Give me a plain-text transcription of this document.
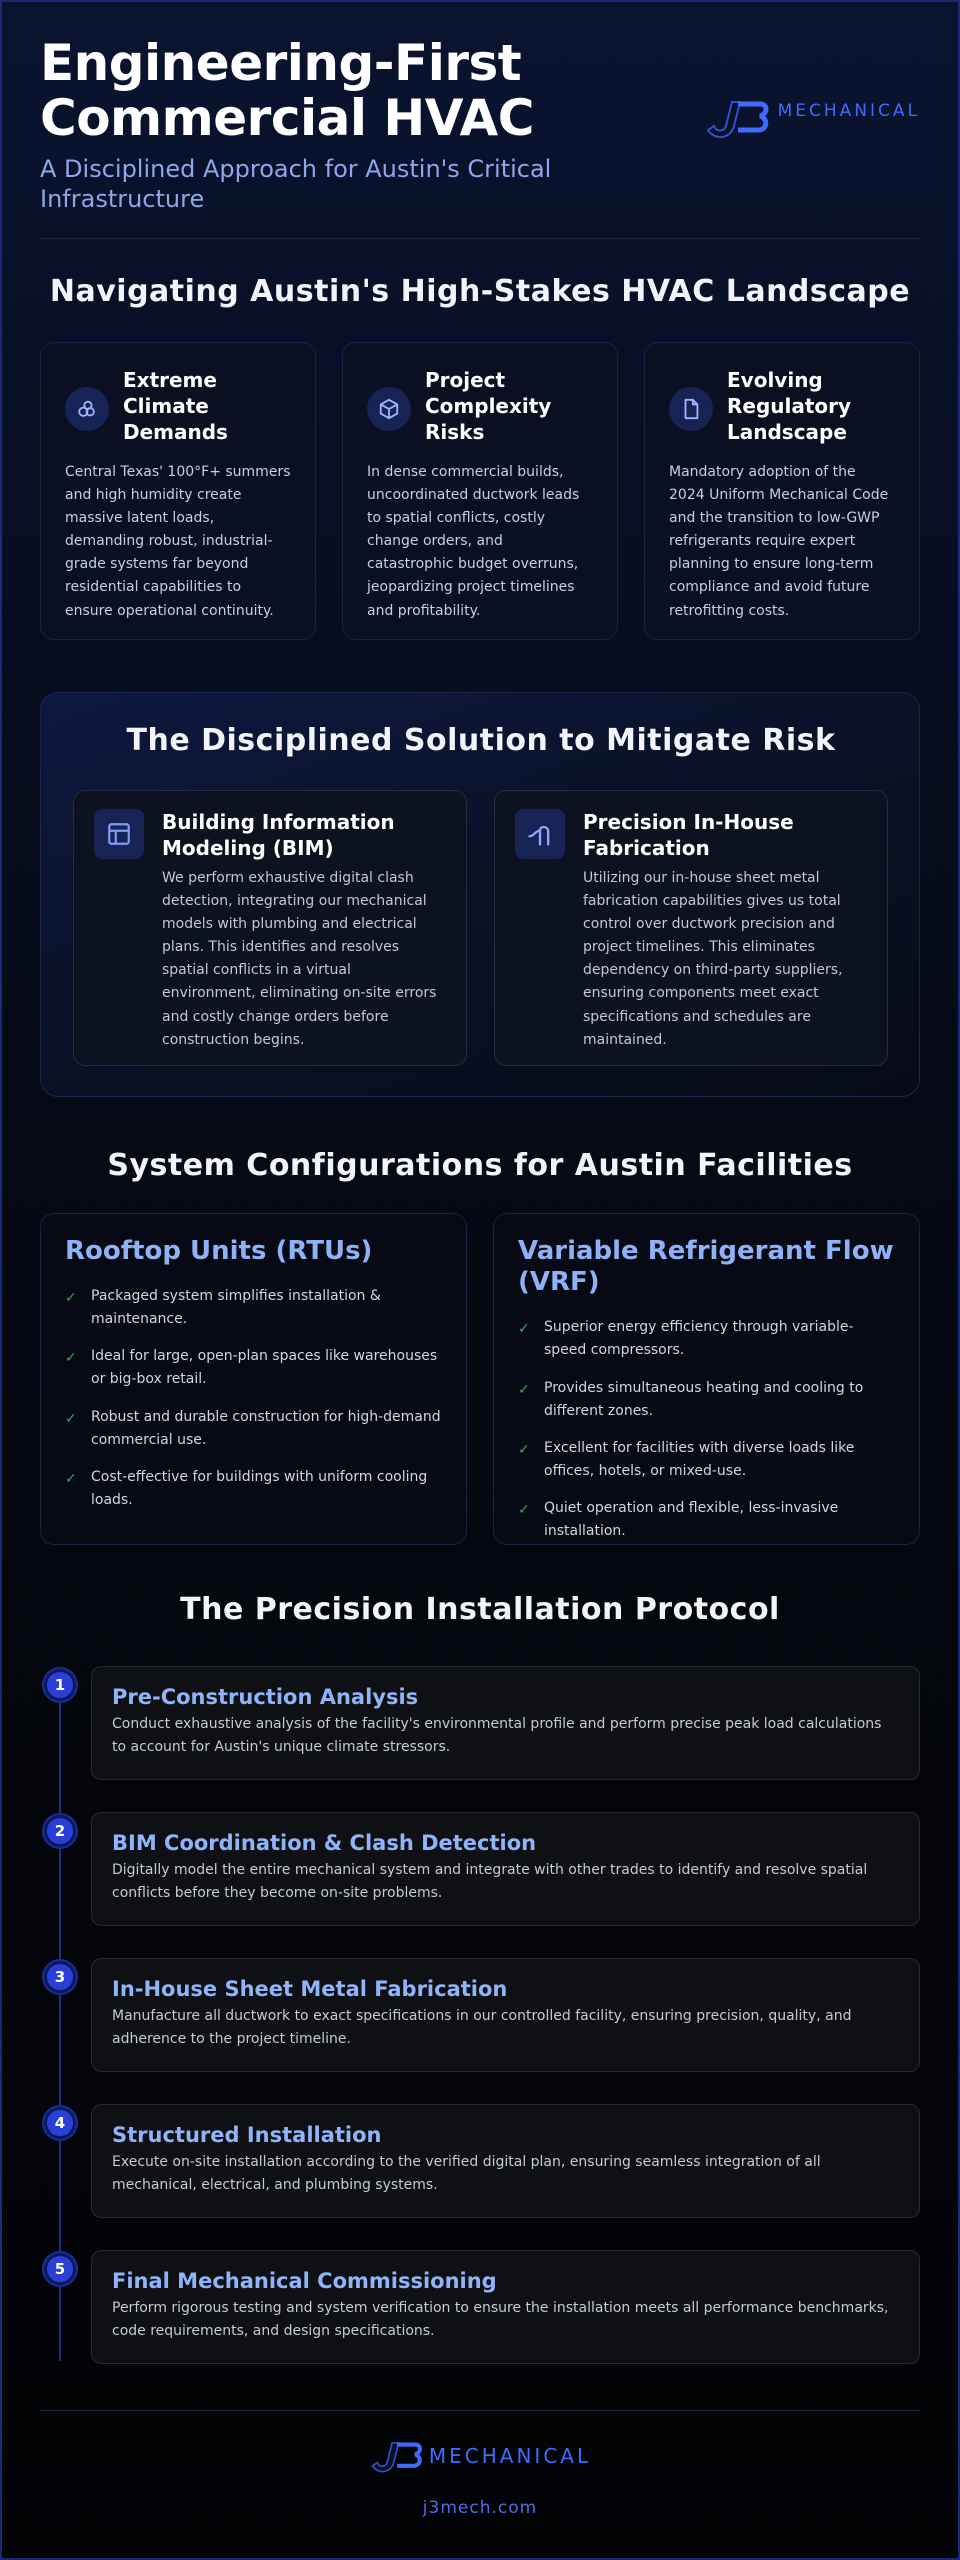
Engineering-First Commercial HVAC
A Disciplined Approach for Austin's Critical Infrastructure
MECHANICAL
SERVICES
Navigating Austin's High-Stakes HVAC Landscape
Extreme Climate Demands
Central Texas' 100°F+ summers and high humidity create massive latent loads, demanding robust, industrial-grade systems far beyond residential capabilities to ensure operational continuity.
Project Complexity Risks
In dense commercial builds, uncoordinated ductwork leads to spatial conflicts, costly change orders, and catastrophic budget overruns, jeopardizing project timelines and profitability.
Evolving Regulatory Landscape
Mandatory adoption of the 2024 Uniform Mechanical Code and the transition to low-GWP refrigerants require expert planning to ensure long-term compliance and avoid future retrofitting costs.
The Disciplined Solution to Mitigate Risk
Building Information Modeling (BIM)
We perform exhaustive digital clash detection, integrating our mechanical models with plumbing and electrical plans. This identifies and resolves spatial conflicts in a virtual environment, eliminating on-site errors and costly change orders before construction begins.
Precision In-House Fabrication
Utilizing our in-house sheet metal fabrication capabilities gives us total control over ductwork precision and project timelines. This eliminates dependency on third-party suppliers, ensuring components meet exact specifications and schedules are maintained.
System Configurations for Austin Facilities
Rooftop Units (RTUs)
✓ Packaged system simplifies installation & maintenance.
✓ Ideal for large, open-plan spaces like warehouses or big-box retail.
✓ Robust and durable construction for high-demand commercial use.
✓ Cost-effective for buildings with uniform cooling loads.
Variable Refrigerant Flow (VRF)
✓ Superior energy efficiency through variable-speed compressors.
✓ Provides simultaneous heating and cooling to different zones.
✓ Excellent for facilities with diverse loads like offices, hotels, or mixed-use.
✓ Quiet operation and flexible, less-invasive installation.
The Precision Installation Protocol
1	Pre-Construction Analysis
Conduct exhaustive analysis of the facility's environmental profile and perform precise peak load calculations to account for Austin's unique climate stressors.
2	BIM Coordination & Clash Detection
Digitally model the entire mechanical system and integrate with other trades to identify and resolve spatial conflicts before they become on-site problems.
3	In-House Sheet Metal Fabrication
Manufacture all ductwork to exact specifications in our controlled facility, ensuring precision, quality, and adherence to the project timeline.
4	Structured Installation
Execute on-site installation according to the verified digital plan, ensuring seamless integration of all mechanical, electrical, and plumbing systems.
5	Final Mechanical Commissioning
Perform rigorous testing and system verification to ensure the installation meets all performance benchmarks, code requirements, and design specifications.
MECHANICAL
j3mech.com
